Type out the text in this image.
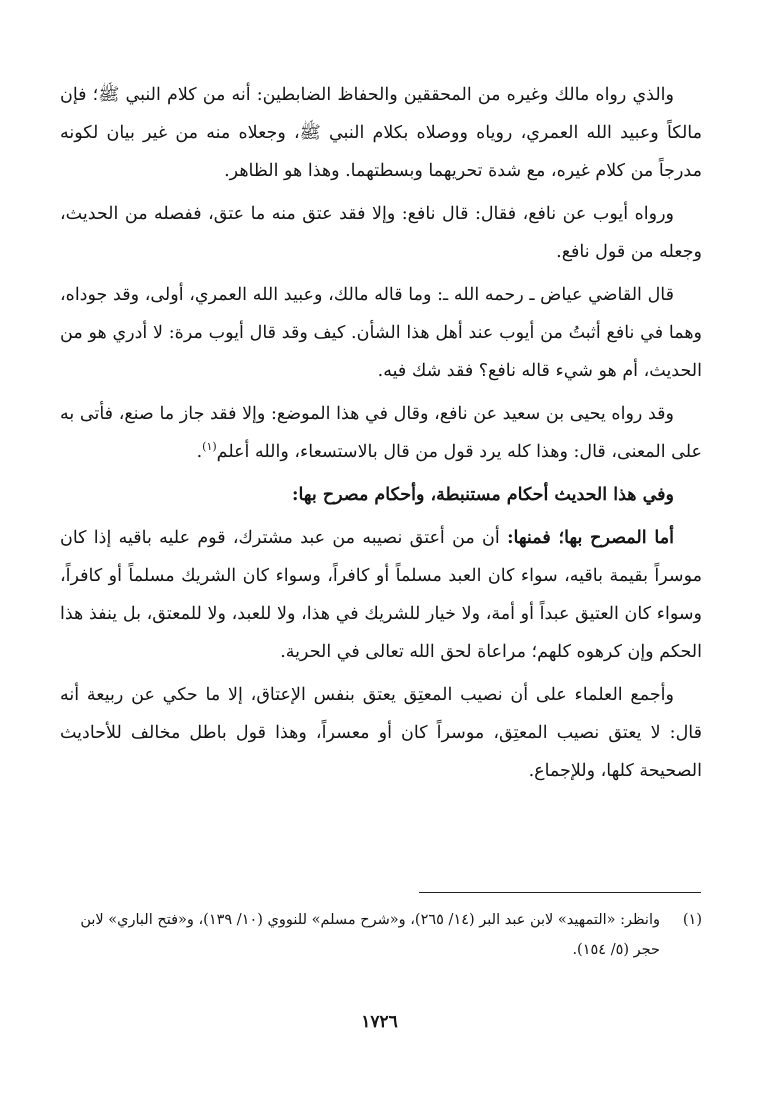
والذي رواه مالك وغيره من المحققين والحفاظ الضابطين: أنه من كلام النبي ﷺ؛ فإن مالكاً وعبيد الله العمري، روياه ووصلاه بكلام النبي ﷺ، وجعلاه منه من غير بيان لكونه مدرجاً من كلام غيره، مع شدة تحريهما وبسطتهما. وهذا هو الظاهر.

ورواه أيوب عن نافع، فقال: قال نافع: وإلا فقد عتق منه ما عتق، ففصله من الحديث، وجعله من قول نافع.

قال القاضي عياض ـ رحمه الله ـ: وما قاله مالك، وعبيد الله العمري، أولى، وقد جوداه، وهما في نافع أثبتُ من أيوب عند أهل هذا الشأن. كيف وقد قال أيوب مرة: لا أدري هو من الحديث، أم هو شيء قاله نافع؟ فقد شك فيه.

وقد رواه يحيى بن سعيد عن نافع، وقال في هذا الموضع: وإلا فقد جاز ما صنع، فأتى به على المعنى، قال: وهذا كله يرد قول من قال بالاستسعاء، والله أعلم$^{(١)}$.

وفي هذا الحديث أحكام مستنبطة، وأحكام مصرح بها:

أما المصرح بها؛ فمنها: أن من أعتق نصيبه من عبد مشترك، قوم عليه باقيه إذا كان موسراً بقيمة باقيه، سواء كان العبد مسلماً أو كافراً، وسواء كان الشريك مسلماً أو كافراً، وسواء كان العتيق عبداً أو أمة، ولا خيار للشريك في هذا، ولا للعبد، ولا للمعتق، بل ينفذ هذا الحكم وإن كرهوه كلهم؛ مراعاة لحق الله تعالى في الحرية.

وأجمع العلماء على أن نصيب المعتِق يعتق بنفس الإعتاق، إلا ما حكي عن ربيعة أنه قال: لا يعتق نصيب المعتِق، موسراً كان أو معسراً، وهذا قول باطل مخالف للأحاديث الصحيحة كلها، وللإجماع.

(١)
وانظر: «التمهيد» لابن عبد البر (١٤/ ٢٦٥)، و«شرح مسلم» للنووي (١٠/ ١٣٩)، و«فتح الباري» لابن حجر (٥/ ١٥٤).
١٧٢٦
